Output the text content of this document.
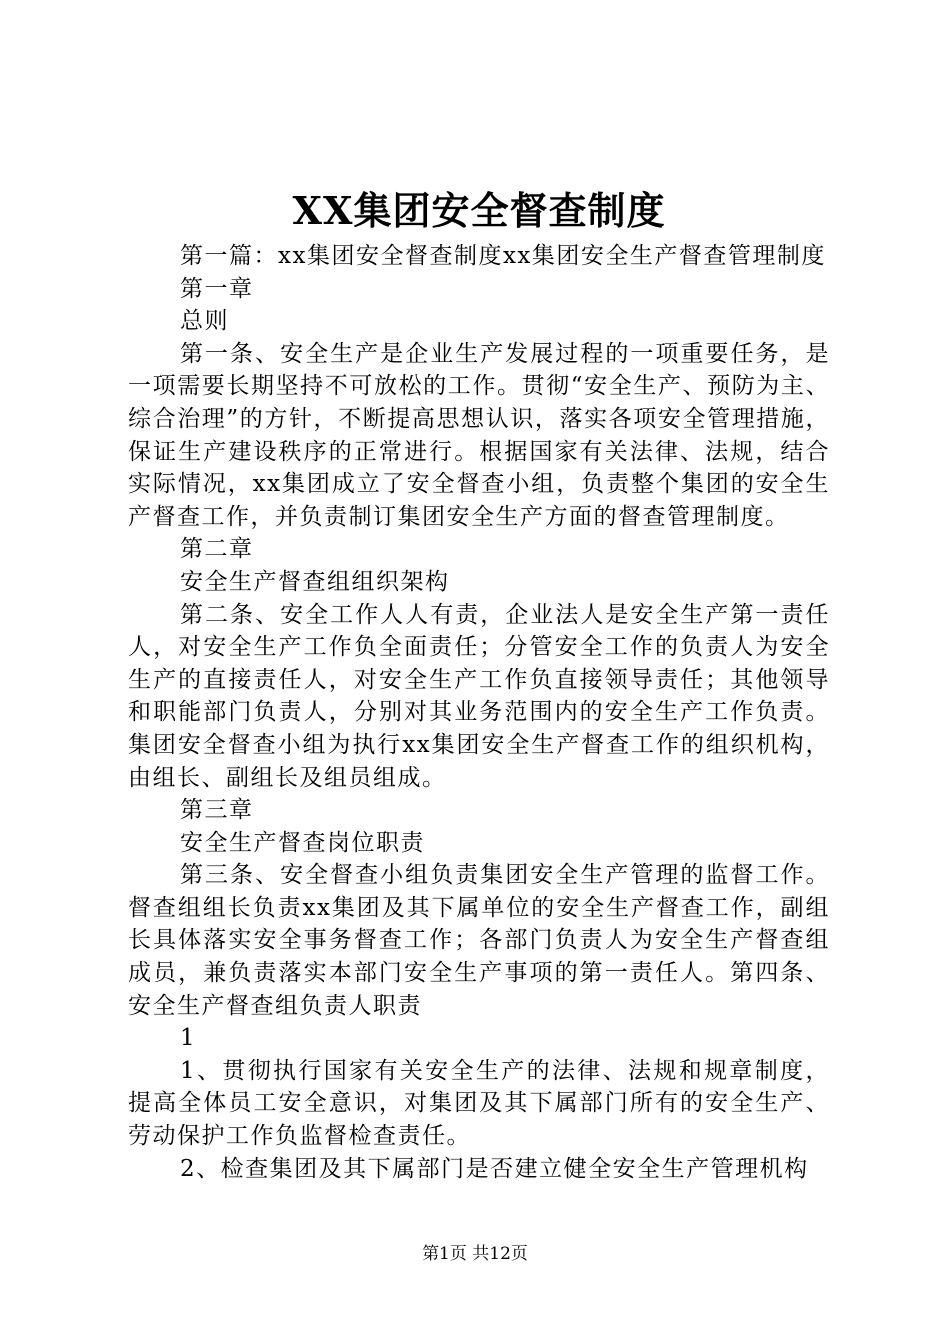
XX集团安全督查制度

第一篇：xx集团安全督查制度xx集团安全生产督查管理制度

第一章

总则

第一条、安全生产是企业生产发展过程的一项重要任务，是一项需要长期坚持不可放松的工作。贯彻“安全生产、预防为主、综合治理”的方针，不断提高思想认识，落实各项安全管理措施，保证生产建设秩序的正常进行。根据国家有关法律、法规，结合实际情况，xx集团成立了安全督查小组，负责整个集团的安全生产督查工作，并负责制订集团安全生产方面的督查管理制度。

第二章

安全生产督查组组织架构

第二条、安全工作人人有责，企业法人是安全生产第一责任人，对安全生产工作负全面责任；分管安全工作的负责人为安全生产的直接责任人，对安全生产工作负直接领导责任；其他领导和职能部门负责人，分别对其业务范围内的安全生产工作负责。集团安全督查小组为执行xx集团安全生产督查工作的组织机构，由组长、副组长及组员组成。

第三章

安全生产督查岗位职责

第三条、安全督查小组负责集团安全生产管理的监督工作。督查组组长负责xx集团及其下属单位的安全生产督查工作，副组长具体落实安全事务督查工作；各部门负责人为安全生产督查组成员，兼负责落实本部门安全生产事项的第一责任人。第四条、安全生产督查组负责人职责

1

1、贯彻执行国家有关安全生产的法律、法规和规章制度，提高全体员工安全意识，对集团及其下属部门所有的安全生产、劳动保护工作负监督检查责任。

2、检查集团及其下属部门是否建立健全安全生产管理机构

第1页 共12页
